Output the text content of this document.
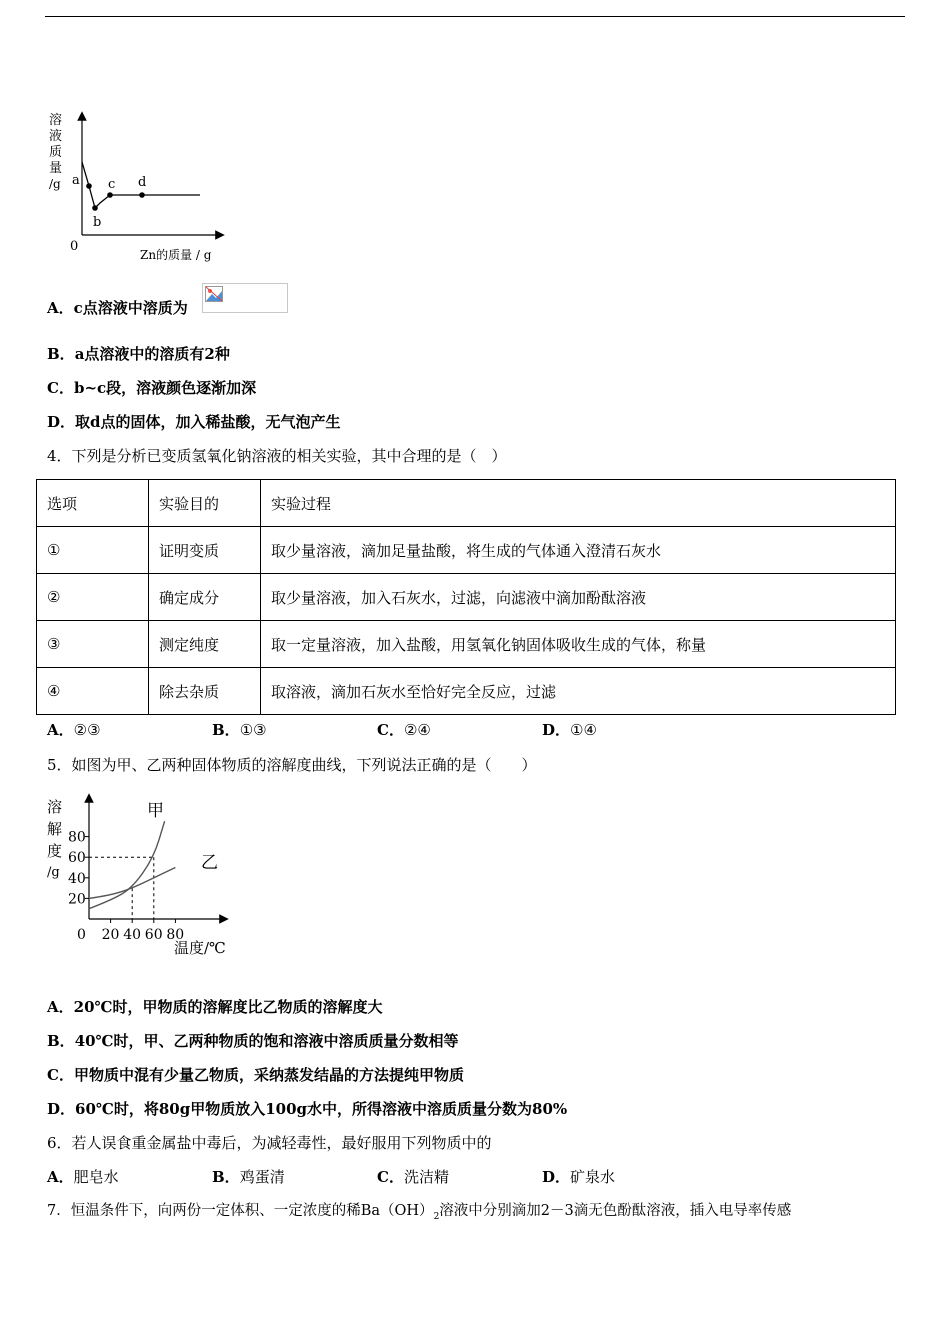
溶
液
质
量
/g a
b
c d
0
Zn的质量 / g
A．c点溶液中溶质为
B．a点溶液中的溶质有2种
C．b~c段，溶液颜色逐渐加深
D．取d点的固体，加入稀盐酸，无气泡产生
4．下列是分析已变质氢氧化钠溶液的相关实验，其中合理的是（　）
选项	实验目的	实验过程
①	证明变质	取少量溶液，滴加足量盐酸，将生成的气体通入澄清石灰水
②	确定成分	取少量溶液，加入石灰水，过滤，向滤液中滴加酚酞溶液
③	测定纯度	取一定量溶液，加入盐酸，用氢氧化钠固体吸收生成的气体，称量
④	除去杂质	取溶液，滴加石灰水至恰好完全反应，过滤
A．②③	B．①③	C．②④	D．①④
5．如图为甲、乙两种固体物质的溶解度曲线，下列说法正确的是（　　）
溶
解
度
/g
温度/℃
20
40
60
80
0 20 40 60 80
甲
乙
A．20℃时，甲物质的溶解度比乙物质的溶解度大
B．40℃时，甲、乙两种物质的饱和溶液中溶质质量分数相等
C．甲物质中混有少量乙物质，采纳蒸发结晶的方法提纯甲物质
D．60℃时，将80g甲物质放入100g水中，所得溶液中溶质质量分数为80%
6．若人误食重金属盐中毒后，为减轻毒性，最好服用下列物质中的
A．肥皂水	B．鸡蛋清	C．洗洁精	D．矿泉水
7．恒温条件下，向两份一定体积、一定浓度的稀$Ba(OH)_2$溶液中分别滴加2－3滴无色酚酞溶液，插入电导率传感
